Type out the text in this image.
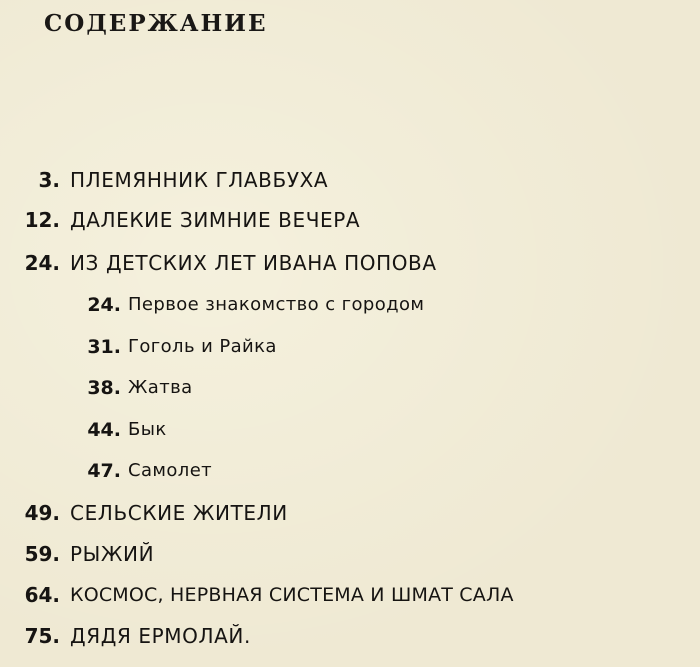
СОДЕРЖАНИЕ
3. ПЛЕМЯННИК ГЛАВБУХА
12. ДАЛЕКИЕ ЗИМНИЕ ВЕЧЕРА
24. ИЗ ДЕТСКИХ ЛЕТ ИВАНА ПОПОВА
24. Первое знакомство с городом
31. Гоголь и Райка
38. Жатва
44. Бык
47. Самолет
49. СЕЛЬСКИЕ ЖИТЕЛИ
59. РЫЖИЙ
64. КОСМОС, НЕРВНАЯ СИСТЕМА И ШМАТ САЛА
75. ДЯДЯ ЕРМОЛАЙ.
